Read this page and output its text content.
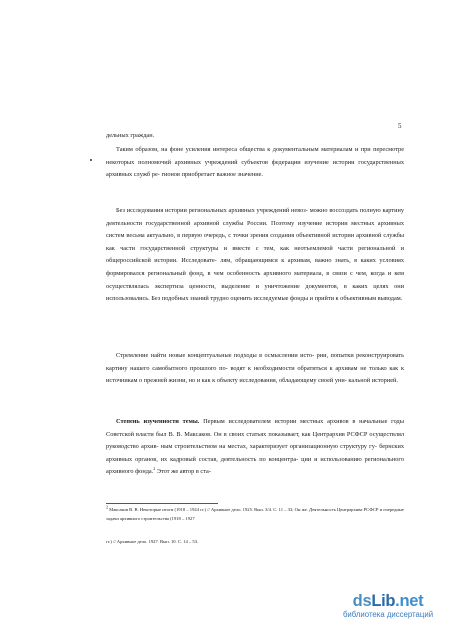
5

дельных граждан.

Таким образом, на фоне усиления интереса общества к документальным материалам и при пересмотре некоторых полномочий архивных учреждений субъектов федерации изучение истории государственных архивных служб ре- гионов приобретает важное значение.

Без исследования истории региональных архивных учреждений невоз- можно воссоздать полную картину деятельности государственной архивной службы России. Поэтому изучение истории местных архивных систем весьма актуально, в первую очередь, с точки зрения создания объективной истории архивной службы как части государственной структуры и вместе с тем, как неотъемлемой части региональной и общероссийской истории. Исследовате- лям, обращающимся к архивам, важно знать, в каких условиях формировался региональный фонд, в чем особенность архивного материала, в связи с чем, когда и кем осуществлялась экспертиза ценности, выделение и уничтожение документов, в каких целях они использовались. Без подобных знаний трудно оценить исследуемые фонды и прийти к объективным выводам.

Стремление найти новые концептуальные подходы в осмыслении исто- рии, попытки реконструировать картину нашего самобытного прошлого по- водят к необходимости обратиться к архивам не только как к источникам о прежней жизни, но и как к объекту исследования, обладающему своей уни- кальной историей.

Степень изученности темы. Первым исследователем истории местных архивов в начальные годы Советской власти был В. В. Максаков. Он в своих статьях показывает, как Центрархив РСФСР осуществлял руководство архив- ным строительством на местах, характеризует организационную структуру гу- бернских архивных органов, их кадровый состав, деятельность по концентра- ции и использованию регионального архивного фонда.$^2$ Этот же автор в ста-

$^2$ Максаков В. В. Некоторые итоги (1918 – 1924 гг.) // Архивное дело. 1925. Вып. 3/4. С. 11 – 33; Он же. Деятельность Центрархива РСФСР и очередные задачи архивного строительства (1918 – 1927

гг.) // Архивное дело. 1927. Вып. 10. С. 14 – 53.

dsLib.net
библиотека диссертаций
